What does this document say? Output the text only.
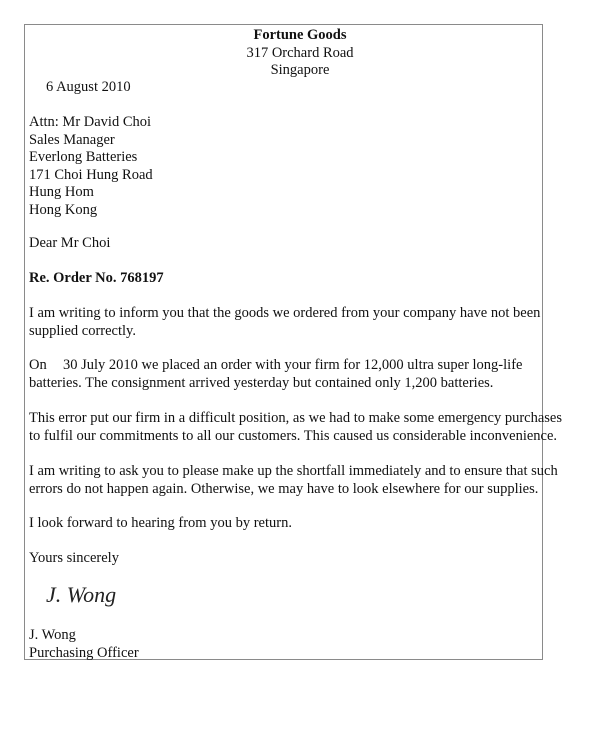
Fortune Goods
317 Orchard Road
Singapore
6 August 2010
Attn: Mr David Choi
Sales Manager
Everlong Batteries
171 Choi Hung Road
Hung Hom
Hong Kong
Dear Mr Choi
Re. Order No. 768197
I am writing to inform you that the goods we ordered from your company have not been
supplied correctly.
On 30 July 2010 we placed an order with your firm for 12,000 ultra super long-life
batteries. The consignment arrived yesterday but contained only 1,200 batteries.
This error put our firm in a difficult position, as we had to make some emergency purchases
to fulfil our commitments to all our customers. This caused us considerable inconvenience.
I am writing to ask you to please make up the shortfall immediately and to ensure that such
errors do not happen again. Otherwise, we may have to look elsewhere for our supplies.
I look forward to hearing from you by return.
Yours sincerely
J. Wong
J. Wong
Purchasing Officer
